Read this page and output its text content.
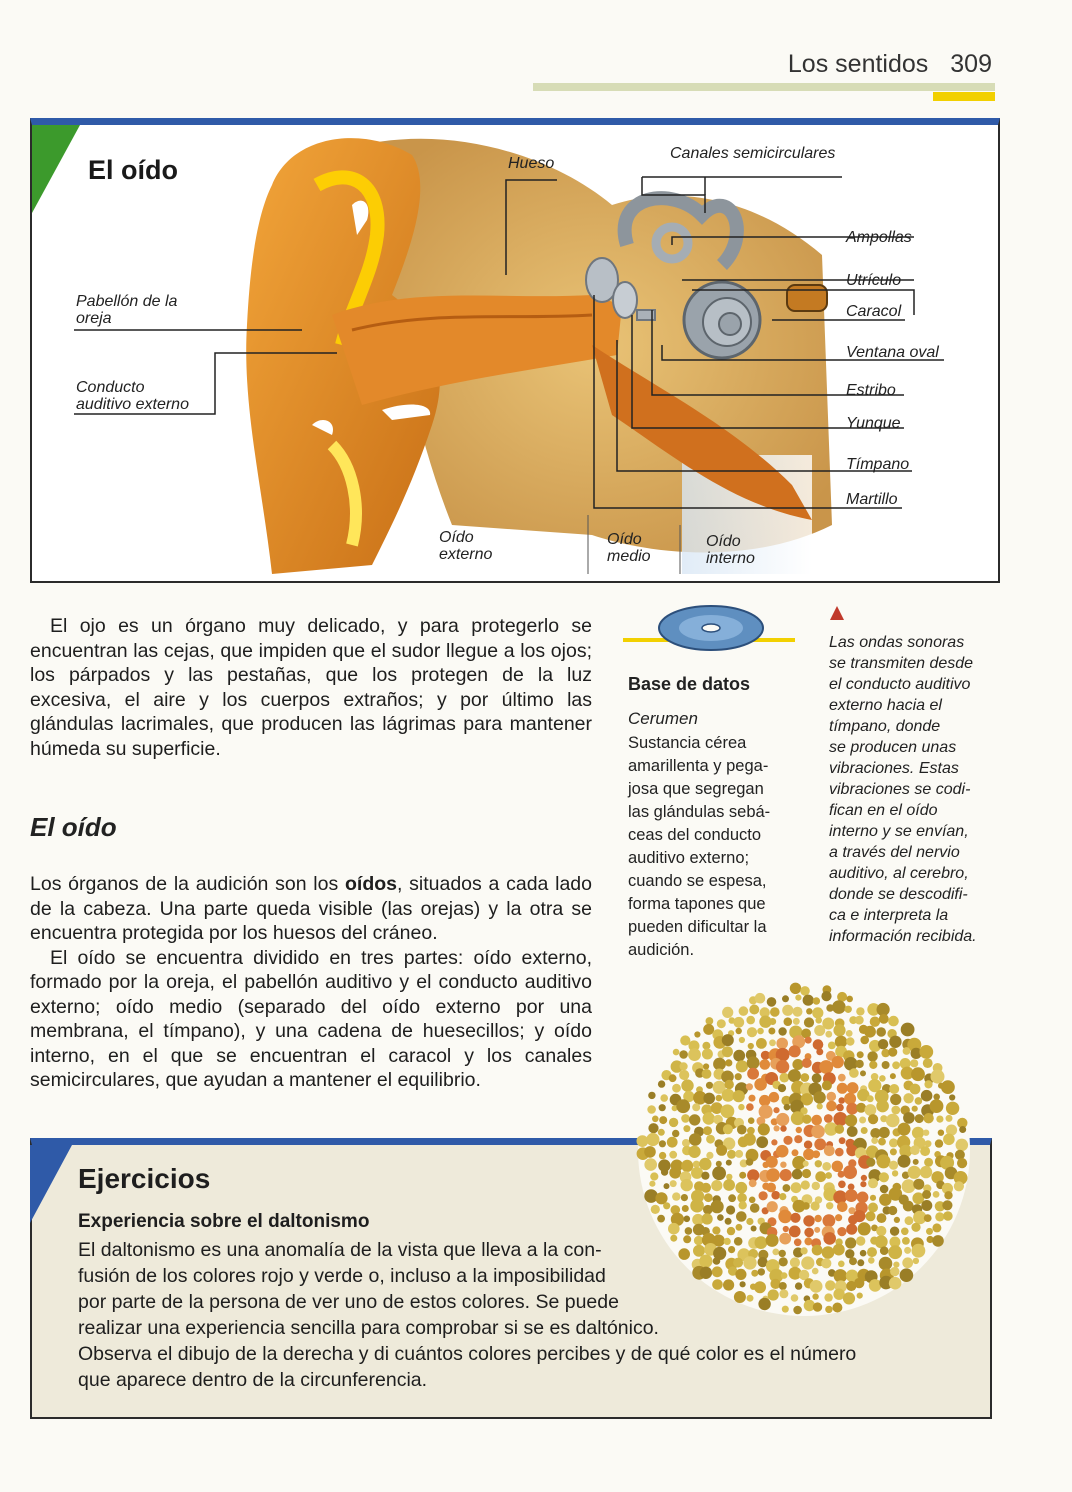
Los sentidos 309
El oído
Pabellón de la
oreja
Conducto
auditivo externo
Hueso
Canales semicirculares
Ampollas
Utrículo
Caracol
Ventana oval
Estribo
Yunque
Tímpano
Martillo
Oído
externo
Oído
medio
Oído
interno

El ojo es un órgano muy delicado, y para protegerlo se encuentran las cejas, que impiden que el sudor llegue a los ojos; los párpados y las pestañas, que los protegen de la luz excesiva, el aire y los cuerpos extraños; y por último las glándulas lacrimales, que producen las lágrimas para mantener húmeda su superficie.

El oído

Los órganos de la audición son los oídos, situados a cada lado de la cabeza. Una parte queda visible (las orejas) y la otra se encuentra protegida por los huesos del cráneo.

El oído se encuentra dividido en tres partes: oído externo, formado por la oreja, el pabellón auditivo y el conducto auditivo externo; oído medio (separado del oído externo por una membrana, el tímpano), y una cadena de huesecillos; y oído interno, en el que se encuentran el caracol y los canales semicirculares, que ayudan a mantener el equilibrio.

Base de datos
Cerumen
Sustancia cérea
amarillenta y pega-
josa que segregan
las glándulas sebá-
ceas del conducto
auditivo externo;
cuando se espesa,
forma tapones que
pueden dificultar la
audición.
Las ondas sonoras
se transmiten desde
el conducto auditivo
externo hacia el
tímpano, donde
se producen unas
vibraciones. Estas
vibraciones se codi-
fican en el oído
interno y se envían,
a través del nervio
auditivo, al cerebro,
donde se descodifi-
ca e interpreta la
información recibida.
Ejercicios
Experiencia sobre el daltonismo
El daltonismo es una anomalía de la vista que lleva a la con-
fusión de los colores rojo y verde o, incluso a la imposibilidad
por parte de la persona de ver uno de estos colores. Se puede
realizar una experiencia sencilla para comprobar si se es daltónico.
Observa el dibujo de la derecha y di cuántos colores percibes y de qué color es el número
que aparece dentro de la circunferencia.
